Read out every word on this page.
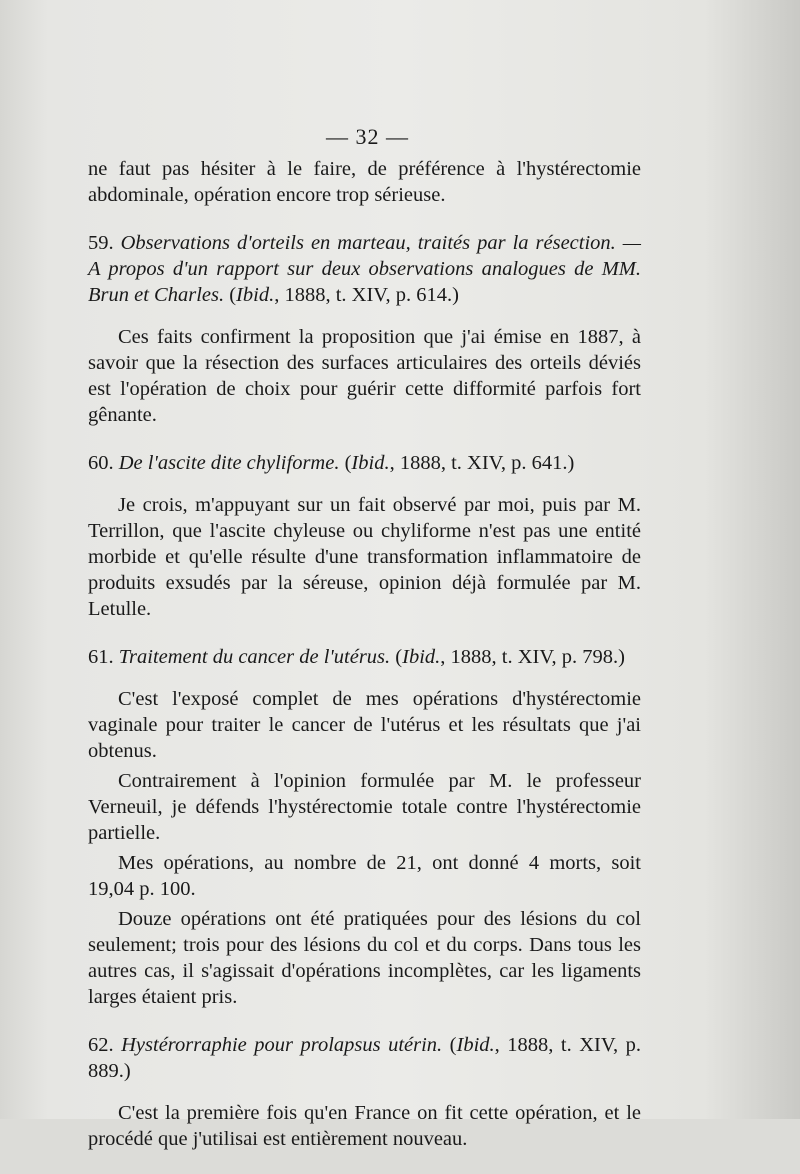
— 32 —

ne faut pas hésiter à le faire, de préférence à l'hystérectomie abdominale, opération encore trop sérieuse.

59. Observations d'orteils en marteau, traités par la résection. — A propos d'un rapport sur deux observations analogues de MM. Brun et Charles. (Ibid., 1888, t. XIV, p. 614.)

Ces faits confirment la proposition que j'ai émise en 1887, à savoir que la résection des surfaces articulaires des orteils déviés est l'opération de choix pour guérir cette difformité parfois fort gênante.

60. De l'ascite dite chyliforme. (Ibid., 1888, t. XIV, p. 641.)

Je crois, m'appuyant sur un fait observé par moi, puis par M. Terrillon, que l'ascite chyleuse ou chyliforme n'est pas une entité morbide et qu'elle résulte d'une transformation inflammatoire de produits exsudés par la séreuse, opinion déjà formulée par M. Letulle.

61. Traitement du cancer de l'utérus. (Ibid., 1888, t. XIV, p. 798.)

C'est l'exposé complet de mes opérations d'hystérectomie vaginale pour traiter le cancer de l'utérus et les résultats que j'ai obtenus.

Contrairement à l'opinion formulée par M. le professeur Verneuil, je défends l'hystérectomie totale contre l'hystérectomie partielle.

Mes opérations, au nombre de 21, ont donné 4 morts, soit 19,04 p. 100.

Douze opérations ont été pratiquées pour des lésions du col seulement; trois pour des lésions du col et du corps. Dans tous les autres cas, il s'agissait d'opérations incomplètes, car les ligaments larges étaient pris.

62. Hystérorraphie pour prolapsus utérin. (Ibid., 1888, t. XIV, p. 889.)

C'est la première fois qu'en France on fit cette opération, et le procédé que j'utilisai est entièrement nouveau.
